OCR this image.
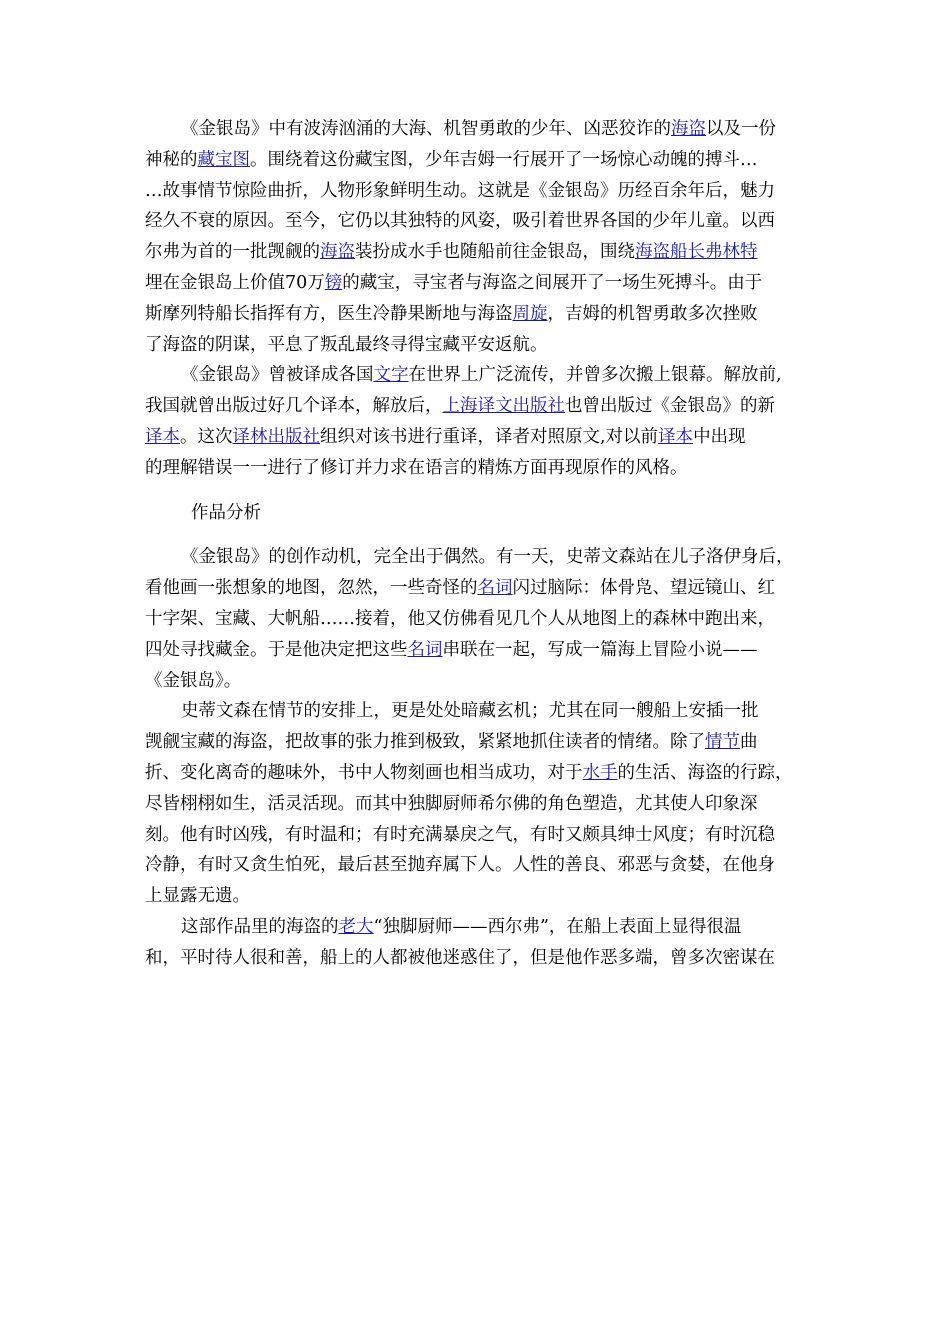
《金银岛》中有波涛汹涌的大海、机智勇敢的少年、凶恶狡诈的海盗以及一份
神秘的藏宝图。围绕着这份藏宝图，少年吉姆一行展开了一场惊心动魄的搏斗…
…故事情节惊险曲折，人物形象鲜明生动。这就是《金银岛》历经百余年后，魅力
经久不衰的原因。至今，它仍以其独特的风姿，吸引着世界各国的少年儿童。以西
尔弗为首的一批觊觎的海盗装扮成水手也随船前往金银岛，围绕海盗船长弗林特
埋在金银岛上价值70万镑的藏宝，寻宝者与海盗之间展开了一场生死搏斗。由于
斯摩列特船长指挥有方，医生冷静果断地与海盗周旋，吉姆的机智勇敢多次挫败
了海盗的阴谋，平息了叛乱最终寻得宝藏平安返航。
《金银岛》曾被译成各国文字在世界上广泛流传，并曾多次搬上银幕。解放前,
我国就曾出版过好几个译本，解放后，上海译文出版社也曾出版过《金银岛》的新
译本。这次译林出版社组织对该书进行重译，译者对照原文,对以前译本中出现
的理解错误一一进行了修订并力求在语言的精炼方面再现原作的风格。
作品分析
《金银岛》的创作动机，完全出于偶然。有一天，史蒂文森站在儿子洛伊身后，
看他画一张想象的地图，忽然，一些奇怪的名词闪过脑际：体骨凫、望远镜山、红
十字架、宝藏、大帆船……接着，他又仿佛看见几个人从地图上的森林中跑出来，
四处寻找藏金。于是他决定把这些名词串联在一起，写成一篇海上冒险小说——
《金银岛》。
史蒂文森在情节的安排上，更是处处暗藏玄机；尤其在同一艘船上安插一批
觊觎宝藏的海盗，把故事的张力推到极致，紧紧地抓住读者的情绪。除了情节曲
折、变化离奇的趣味外，书中人物刻画也相当成功，对于水手的生活、海盗的行踪，
尽皆栩栩如生，活灵活现。而其中独脚厨师希尔佛的角色塑造，尤其使人印象深
刻。他有时凶残，有时温和；有时充满暴戾之气，有时又颇具绅士风度；有时沉稳
冷静，有时又贪生怕死，最后甚至抛弃属下人。人性的善良、邪恶与贪婪，在他身
上显露无遗。
这部作品里的海盗的老大“独脚厨师——西尔弗”，在船上表面上显得很温
和，平时待人很和善，船上的人都被他迷惑住了，但是他作恶多端，曾多次密谋在
